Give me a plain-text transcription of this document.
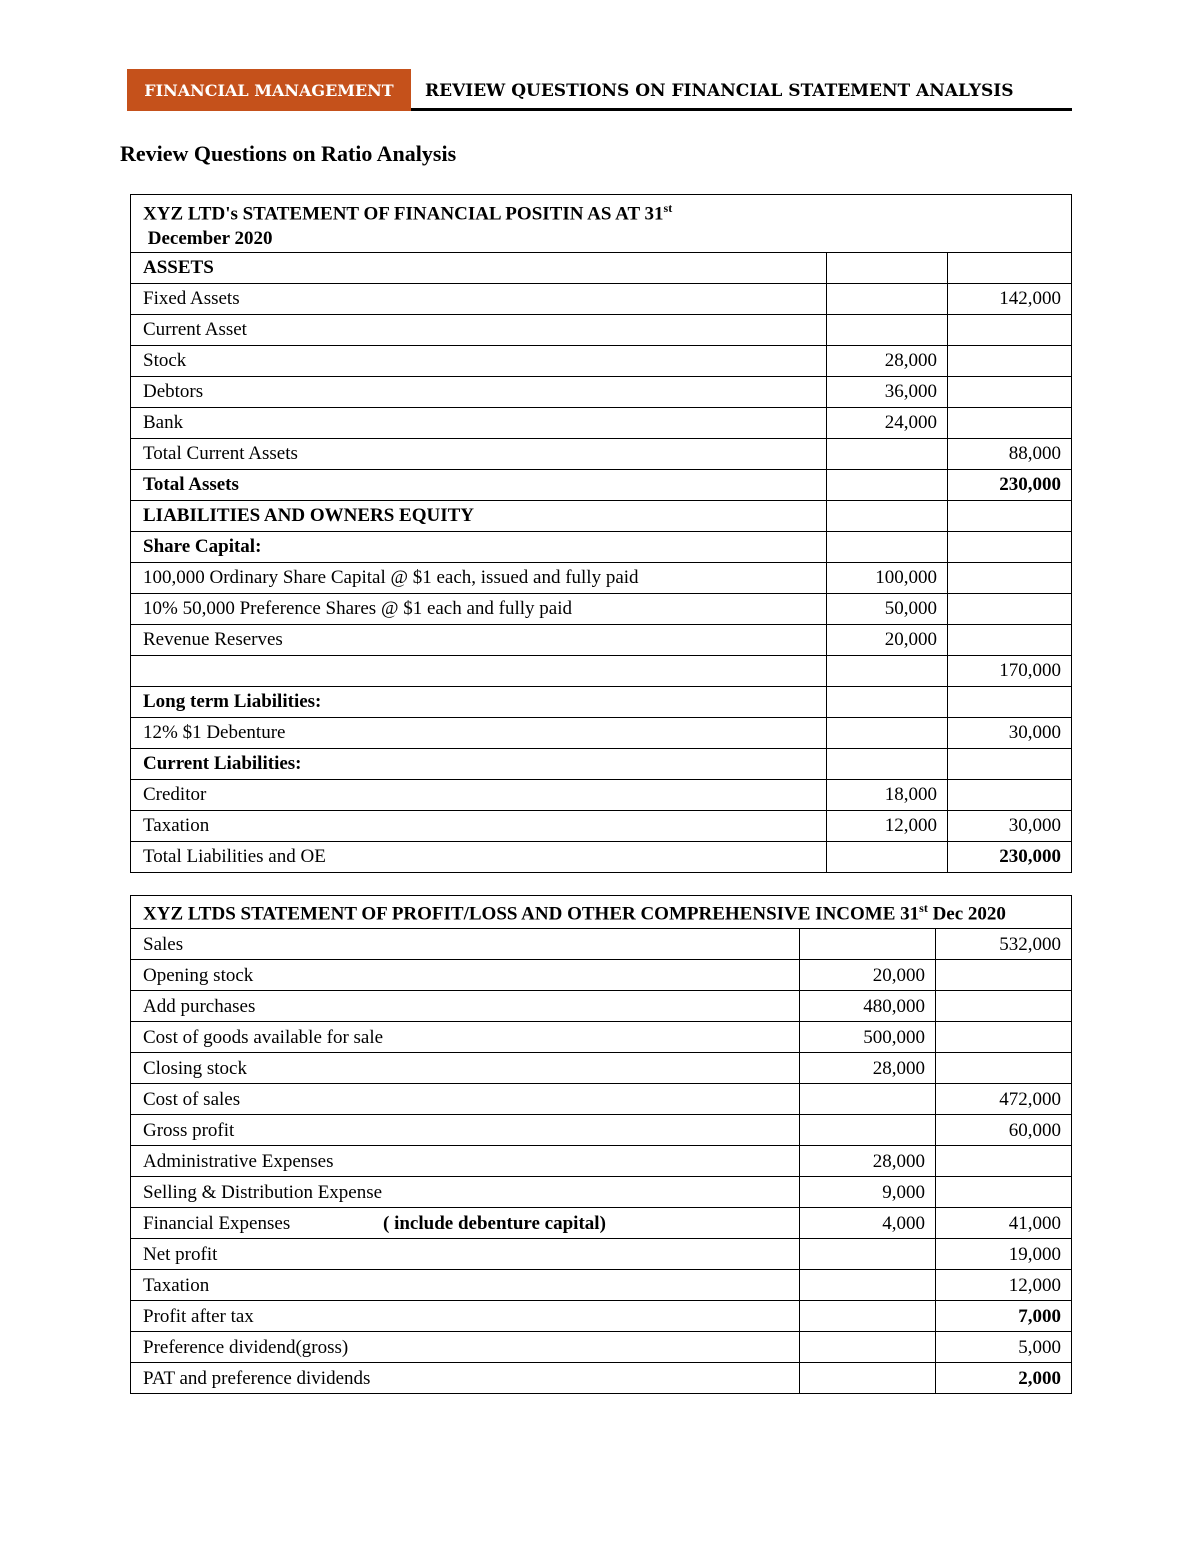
FINANCIAL MANAGEMENT	REVIEW QUESTIONS ON FINANCIAL STATEMENT ANALYSIS
Review Questions on Ratio Analysis
XYZ LTD's STATEMENT OF FINANCIAL POSITIN AS AT 31st
December 2020		
ASSETS		
Fixed Assets		142,000
Current Asset		
Stock	28,000	
Debtors	36,000	
Bank	24,000	
Total Current Assets		88,000
Total Assets		230,000
LIABILITIES AND OWNERS EQUITY		
Share Capital:		
100,000 Ordinary Share Capital @ $1 each, issued and fully paid	100,000	
10% 50,000 Preference Shares @ $1 each and fully paid	50,000	
Revenue Reserves	20,000	
		170,000
Long term Liabilities:		
12% $1 Debenture		30,000
Current Liabilities:		
Creditor	18,000	
Taxation	12,000	30,000
Total Liabilities and OE		230,000
XYZ LTDS STATEMENT OF PROFIT/LOSS AND OTHER COMPREHENSIVE INCOME 31st Dec 2020		
Sales		532,000
Opening stock	20,000	
Add purchases	480,000	
Cost of goods available for sale	500,000	
Closing stock	28,000	
Cost of sales		472,000
Gross profit		60,000
Administrative Expenses	28,000	
Selling & Distribution Expense	9,000	
Financial Expenses ( include debenture capital)	4,000	41,000
Net profit		19,000
Taxation		12,000
Profit after tax		7,000
Preference dividend(gross)		5,000
PAT and preference dividends		2,000
